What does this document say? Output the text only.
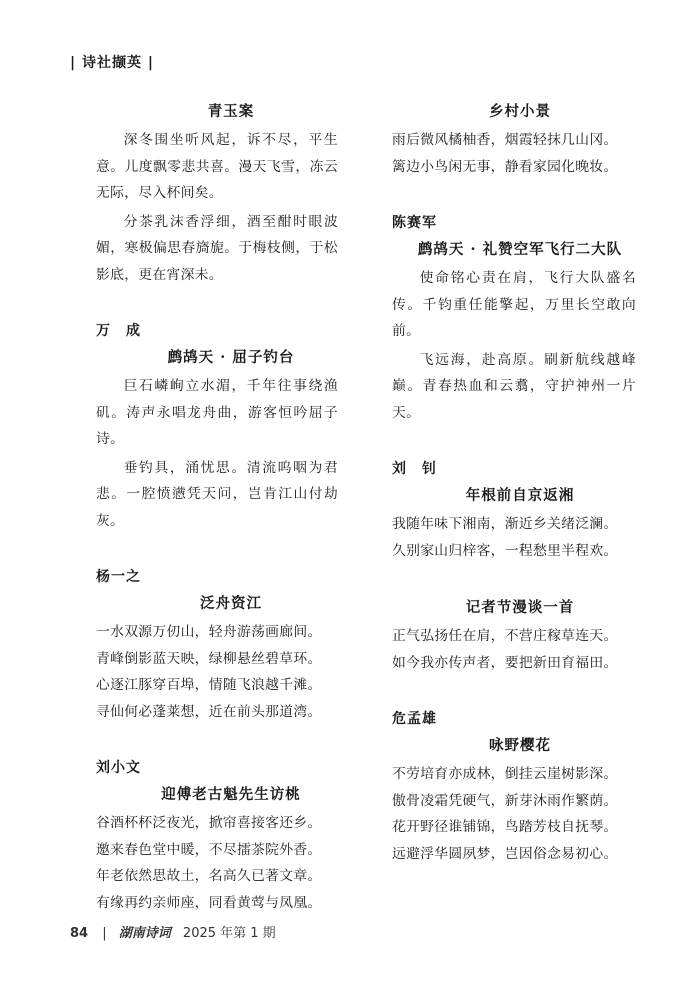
| 诗社撷英 |
青玉案

深冬围坐听风起，诉不尽，平生意。儿度飘零悲共喜。漫天飞雪，冻云无际，尽入杯间矣。

分茶乳沫香浮细，酒至酣时眼波媚，寒极偏思春旖旎。于梅枝侧，于松影底，更在宵深未。

万　成
鹧鸪天 · 屈子钓台

巨石嶙峋立水湄，千年往事绕渔矶。涛声永唱龙舟曲，游客恒吟屈子诗。

垂钓具，涌忧思。清流呜咽为君悲。一腔愤懑凭天问，岂肯江山付劫灰。

杨一之
泛舟资江

一水双源万仞山，轻舟游荡画廊间。

青峰倒影蓝天映，绿柳悬丝碧草环。

心逐江豚穿百埠，情随飞浪越千滩。

寻仙何必蓬莱想，近在前头那道湾。

刘小文
迎傅老古魁先生访桃

谷酒杯杯泛夜光，掀帘喜接客还乡。

邀来春色堂中暖，不尽擂茶院外香。

年老依然思故土，名高久已著文章。

有缘再约亲师座，同看黄莺与凤凰。

乡村小景

雨后微风橘柚香，烟霞轻抹几山冈。

篱边小鸟闲无事，静看家园化晚妆。

陈赛军
鹧鸪天 · 礼赞空军飞行二大队

使命铭心责在肩，飞行大队盛名传。千钧重任能擎起，万里长空敢向前。

飞远海，赴高原。刷新航线越峰巅。青春热血和云翥，守护神州一片天。

刘　钊
年根前自京返湘

我随年味下湘南，渐近乡关绪泛澜。

久别家山归梓客，一程愁里半程欢。

记者节漫谈一首

正气弘扬任在肩，不营庄稼草连天。

如今我亦传声者，要把新田育福田。

危孟雄
咏野樱花

不劳培育亦成林，倒挂云崖树影深。

傲骨凌霜凭硬气，新芽沐雨作繁荫。

花开野径谁铺锦，鸟踏芳枝自抚琴。

远避浮华圆夙梦，岂因俗念易初心。

84 | 湖南诗词 2025 年第 1 期
